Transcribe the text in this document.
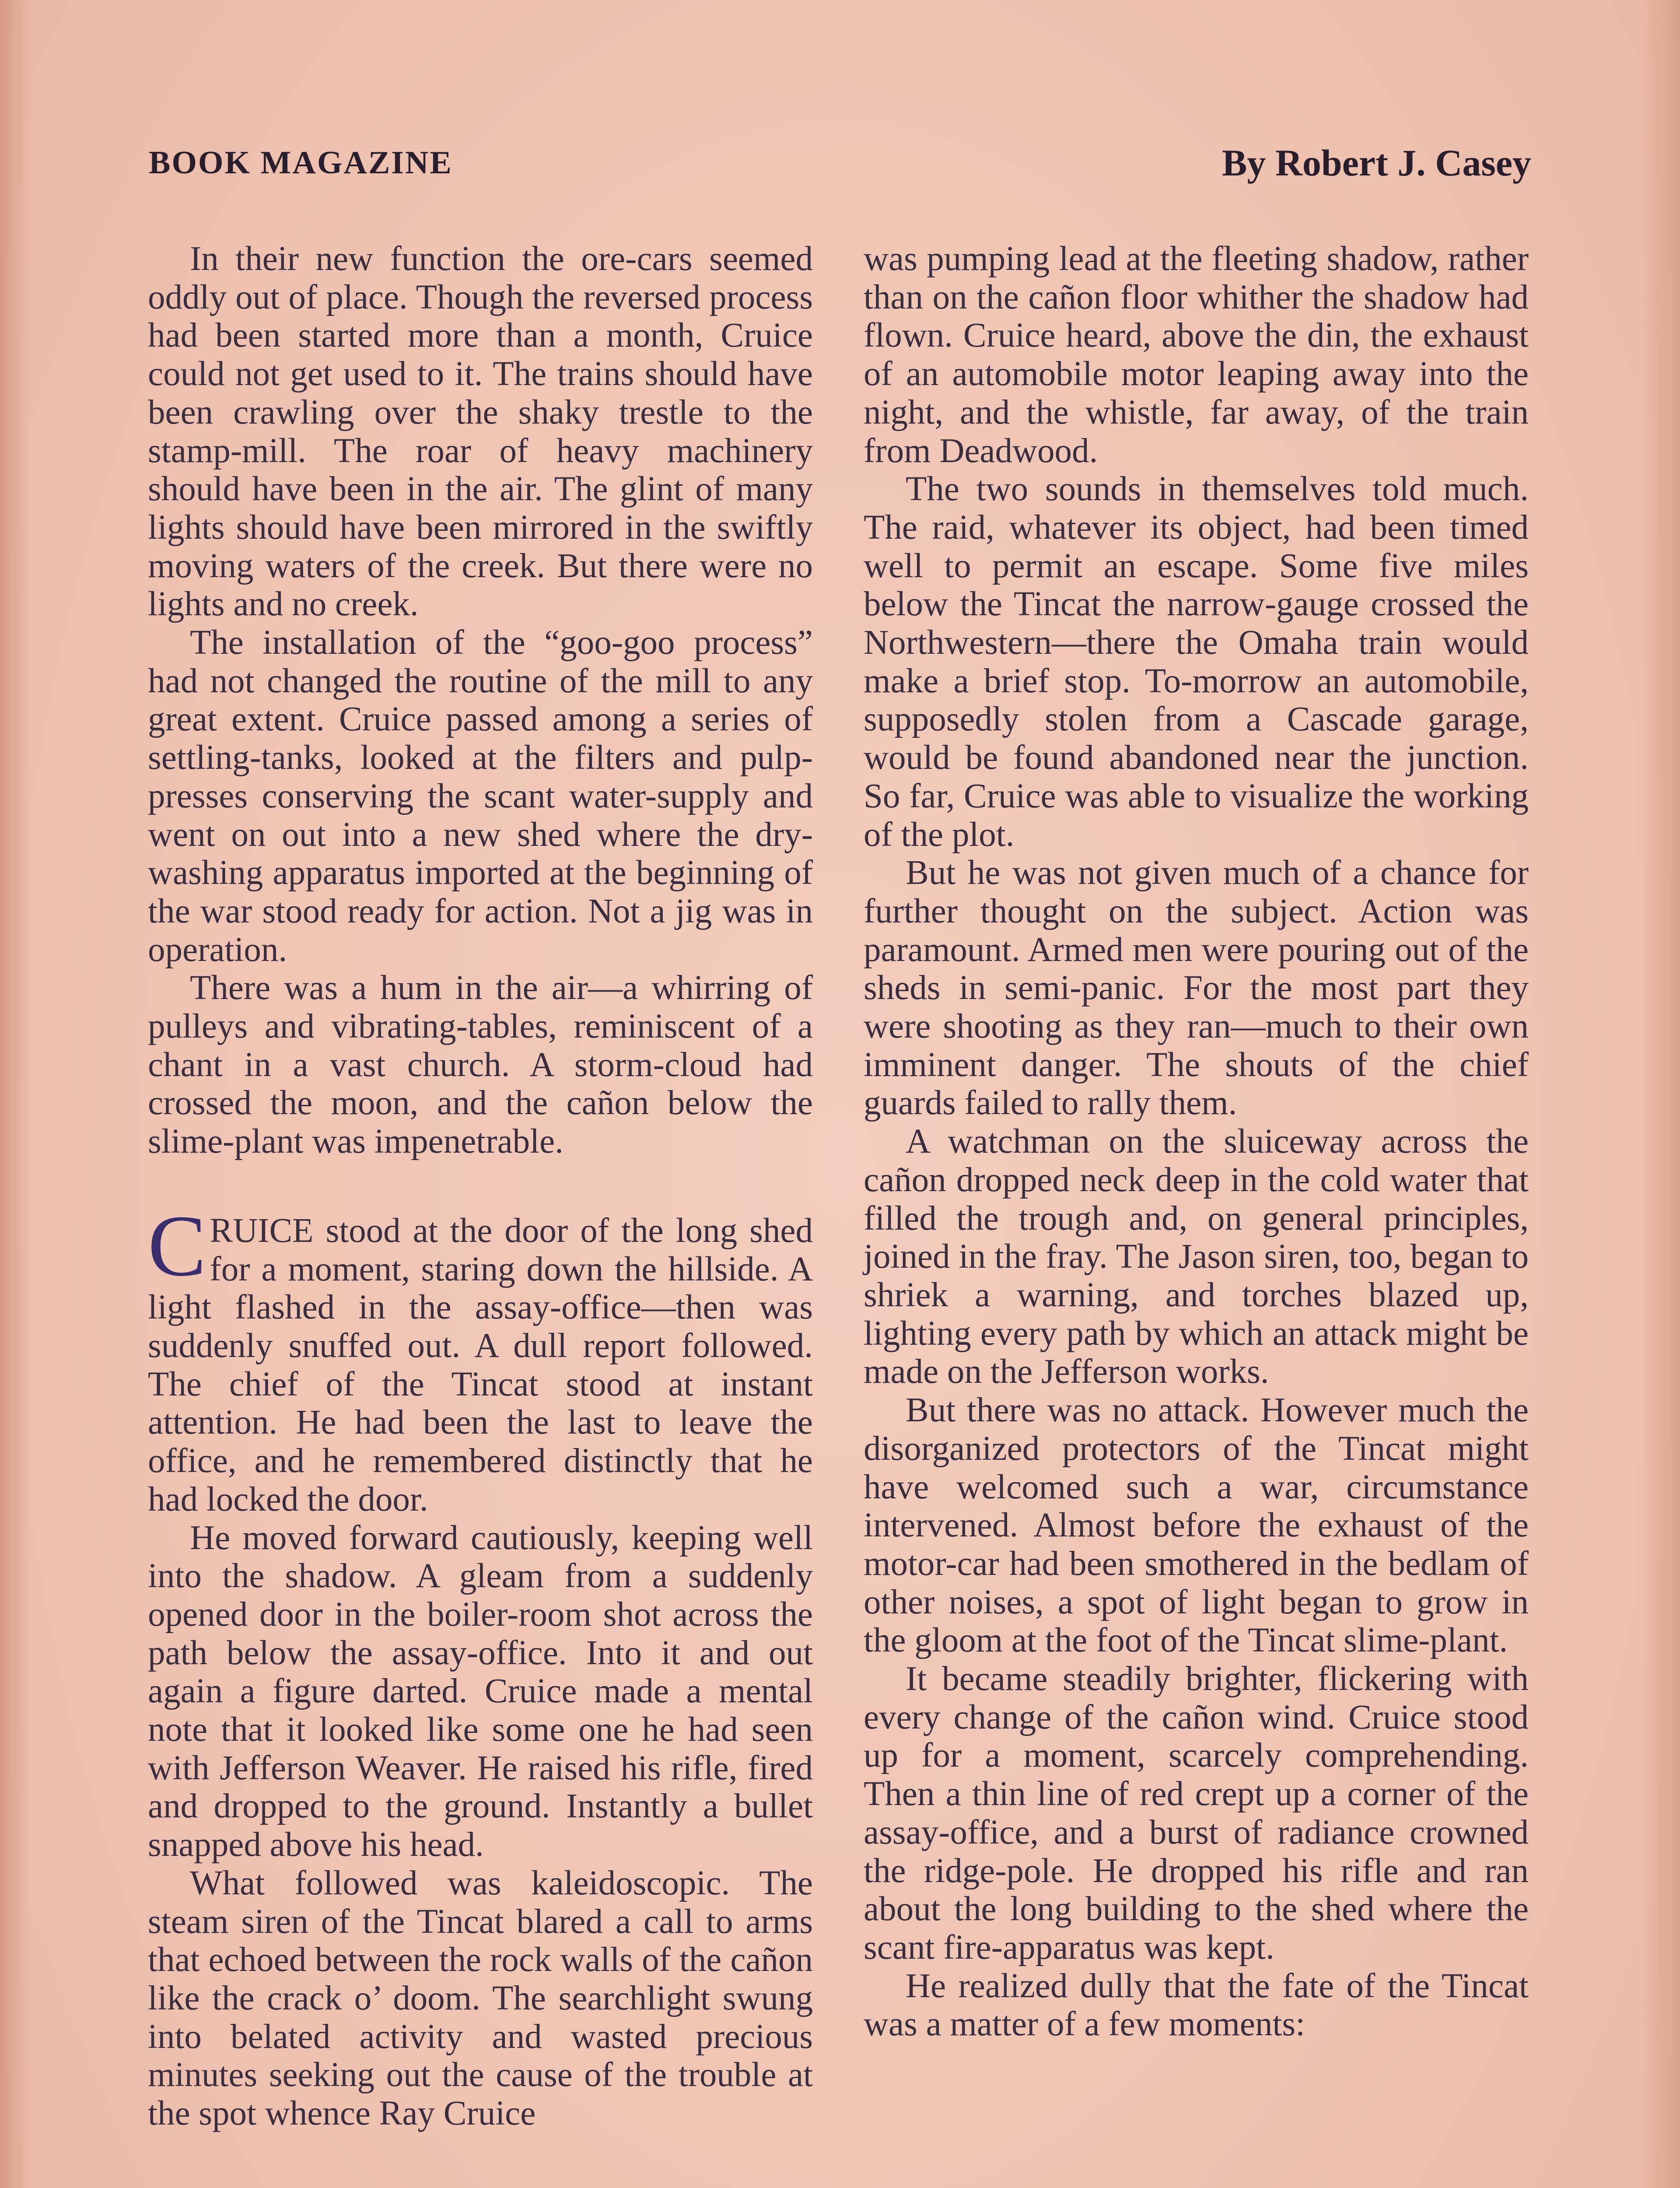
BOOK MAGAZINE	By Robert J. Casey

In their new function the ore-cars seemed oddly out of place. Though the reversed process had been started more than a month, Cruice could not get used to it. The trains should have been crawling over the shaky trestle to the stamp-mill. The roar of heavy machinery should have been in the air. The glint of many lights should have been mirrored in the swiftly moving waters of the creek. But there were no lights and no creek.

The installation of the “goo-goo process” had not changed the routine of the mill to any great extent. Cruice passed among a series of settling-tanks, looked at the filters and pulp-presses conserving the scant water-supply and went on out into a new shed where the dry-washing apparatus imported at the beginning of the war stood ready for action. Not a jig was in operation.

There was a hum in the air—a whirring of pulleys and vibrating-tables, reminiscent of a chant in a vast church. A storm-cloud had crossed the moon, and the cañon below the slime-plant was impenetrable.

CRUICE stood at the door of the long shed for a moment, staring down the hillside. A light flashed in the assay-office—then was suddenly snuffed out. A dull report followed. The chief of the Tincat stood at instant attention. He had been the last to leave the office, and he remembered distinctly that he had locked the door.

He moved forward cautiously, keeping well into the shadow. A gleam from a suddenly opened door in the boiler-room shot across the path below the assay-office. Into it and out again a figure darted. Cruice made a mental note that it looked like some one he had seen with Jefferson Weaver. He raised his rifle, fired and dropped to the ground. Instantly a bullet snapped above his head.

What followed was kaleidoscopic. The steam siren of the Tincat blared a call to arms that echoed between the rock walls of the cañon like the crack o’ doom. The searchlight swung into belated activity and wasted precious minutes seeking out the cause of the trouble at the spot whence Ray Cruice

was pumping lead at the fleeting shadow, rather than on the cañon floor whither the shadow had flown. Cruice heard, above the din, the exhaust of an automobile motor leaping away into the night, and the whistle, far away, of the train from Deadwood.

The two sounds in themselves told much. The raid, whatever its object, had been timed well to permit an escape. Some five miles below the Tincat the narrow-gauge crossed the Northwestern—there the Omaha train would make a brief stop. To-morrow an automobile, supposedly stolen from a Cascade garage, would be found abandoned near the junction. So far, Cruice was able to visualize the working of the plot.

But he was not given much of a chance for further thought on the subject. Action was paramount. Armed men were pouring out of the sheds in semi-panic. For the most part they were shooting as they ran—much to their own imminent danger. The shouts of the chief guards failed to rally them.

A watchman on the sluiceway across the cañon dropped neck deep in the cold water that filled the trough and, on general principles, joined in the fray. The Jason siren, too, began to shriek a warning, and torches blazed up, lighting every path by which an attack might be made on the Jefferson works.

But there was no attack. However much the disorganized protectors of the Tincat might have welcomed such a war, circumstance intervened. Almost before the exhaust of the motor-car had been smothered in the bedlam of other noises, a spot of light began to grow in the gloom at the foot of the Tincat slime-plant.

It became steadily brighter, flickering with every change of the cañon wind. Cruice stood up for a moment, scarcely comprehending. Then a thin line of red crept up a corner of the assay-office, and a burst of radiance crowned the ridge-pole. He dropped his rifle and ran about the long building to the shed where the scant fire-apparatus was kept.

He realized dully that the fate of the Tincat was a matter of a few moments:
